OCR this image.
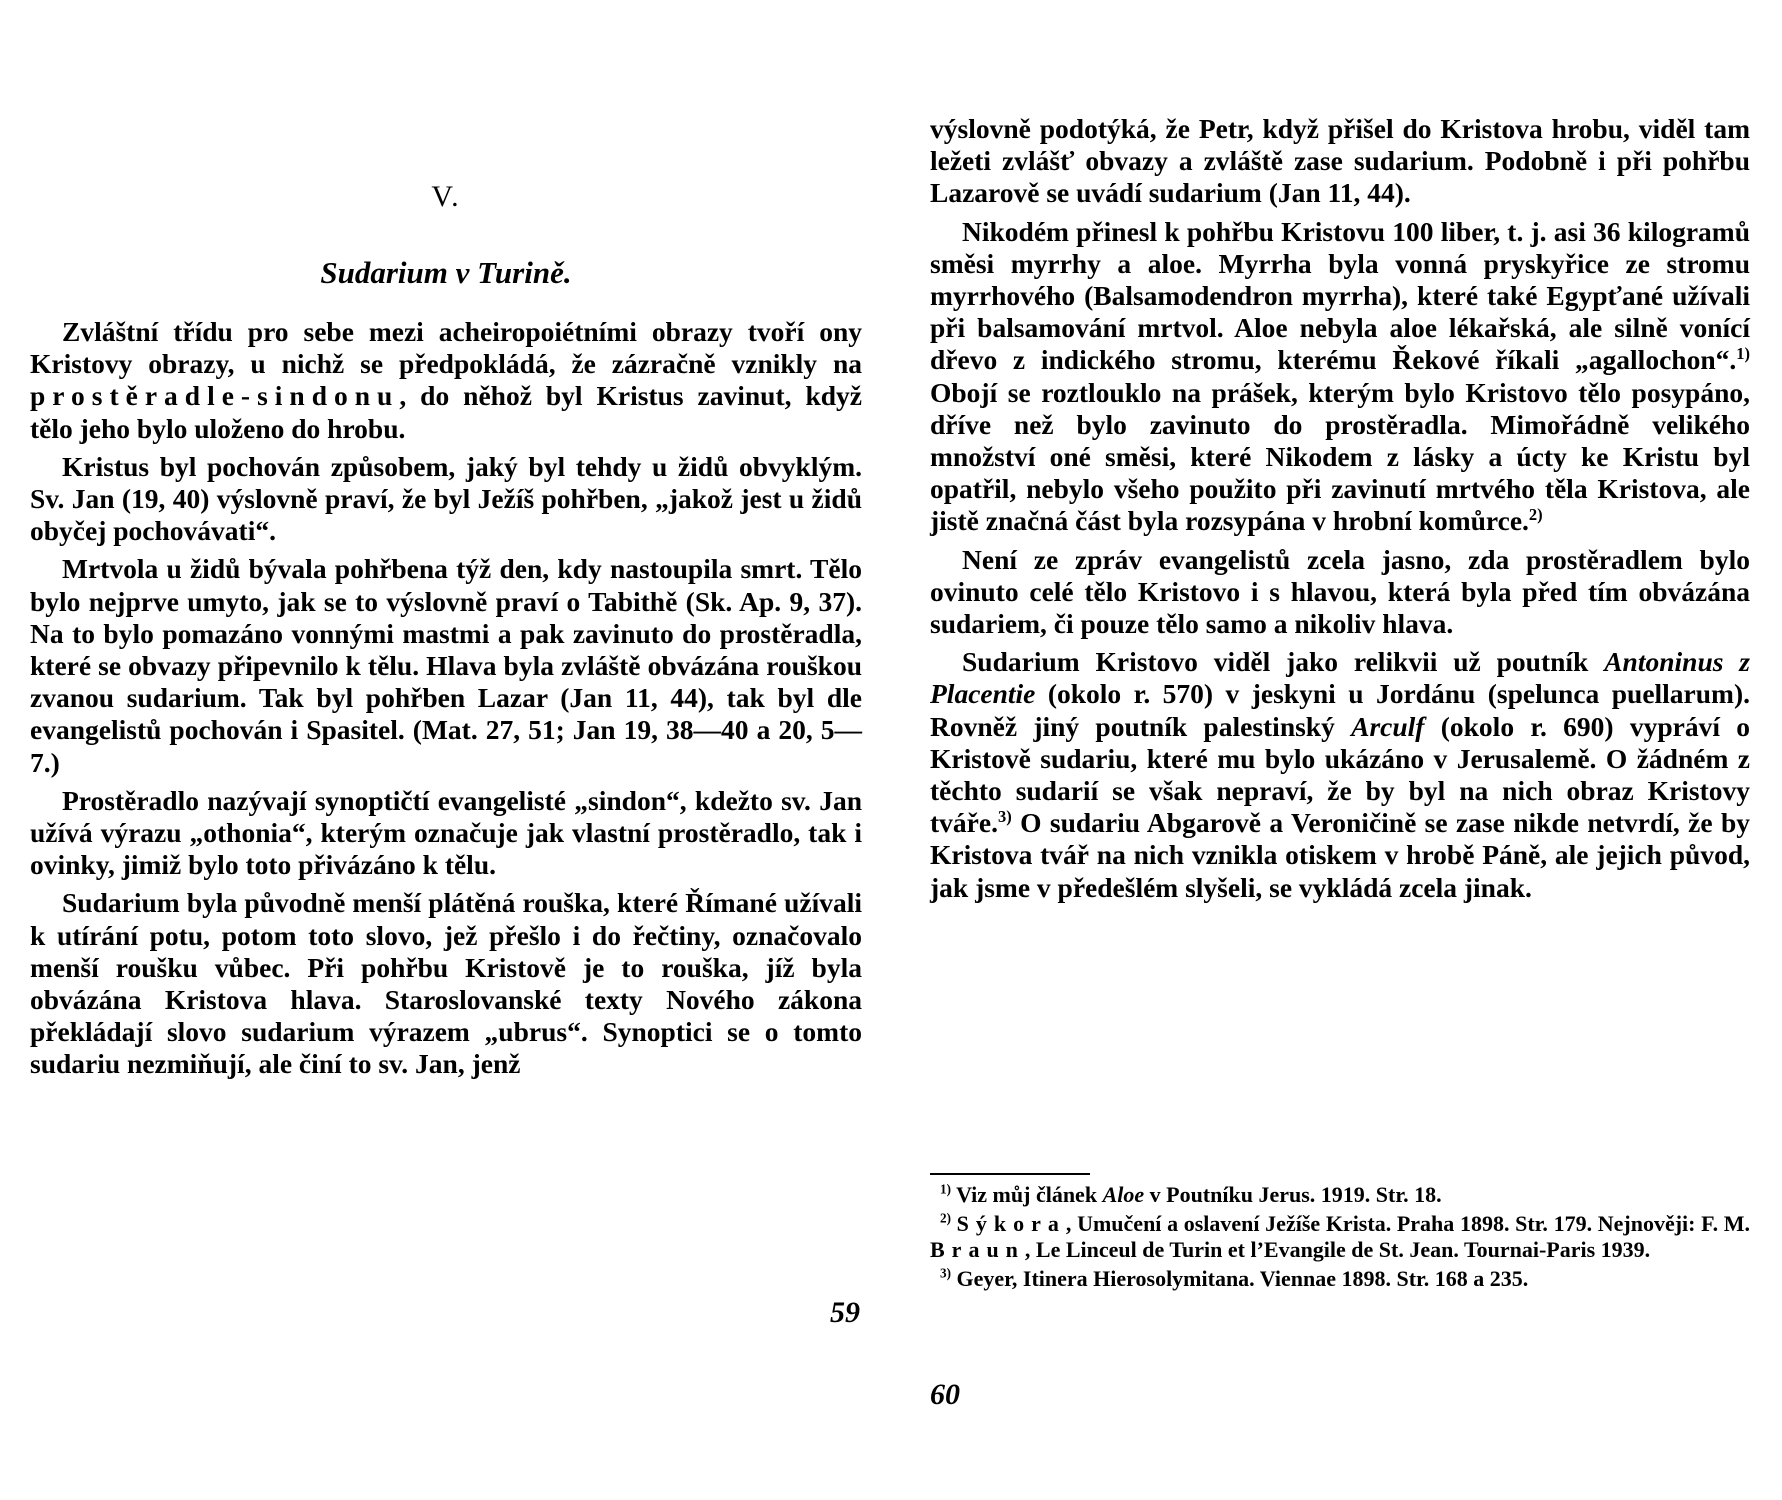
V.
Sudarium v Turině.

Zvláštní třídu pro sebe mezi acheiropoiétními obrazy tvoří ony Kristovy obrazy, u nichž se předpokládá, že zázračně vznikly na prostěradle-sindonu, do něhož byl Kristus zavinut, když tělo jeho bylo uloženo do hrobu.

Kristus byl pochován způsobem, jaký byl tehdy u židů obvyklým. Sv. Jan (19, 40) výslovně praví, že byl Ježíš pohřben, „jakož jest u židů obyčej pochovávati“.

Mrtvola u židů bývala pohřbena týž den, kdy nastoupila smrt. Tělo bylo nejprve umyto, jak se to výslovně praví o Tabithě (Sk. Ap. 9, 37). Na to bylo pomazáno vonnými mastmi a pak zavinuto do prostěradla, které se obvazy připevnilo k tělu. Hlava byla zvláště obvázána rouškou zvanou sudarium. Tak byl pohřben Lazar (Jan 11, 44), tak byl dle evangelistů pochován i Spasitel. (Mat. 27, 51; Jan 19, 38—40 a 20, 5—7.)

Prostěradlo nazývají synoptičtí evangelisté „sindon“, kdežto sv. Jan užívá výrazu „othonia“, kterým označuje jak vlastní prostěradlo, tak i ovinky, jimiž bylo toto přivázáno k tělu.

Sudarium byla původně menší plátěná rouška, které Římané užívali k utírání potu, potom toto slovo, jež přešlo i do řečtiny, označovalo menší roušku vůbec. Při pohřbu Kristově je to rouška, jíž byla obvázána Kristova hlava. Staroslovanské texty Nového zákona překládají slovo sudarium výrazem „ubrus“. Synoptici se o tomto sudariu nezmiňují, ale činí to sv. Jan, jenž

59

výslovně podotýká, že Petr, když přišel do Kristova hrobu, viděl tam ležeti zvlášť obvazy a zvláště zase sudarium. Podobně i při pohřbu Lazarově se uvádí sudarium (Jan 11, 44).

Nikodém přinesl k pohřbu Kristovu 100 liber, t. j. asi 36 kilogramů směsi myrrhy a aloe. Myrrha byla vonná pryskyřice ze stromu myrrhového (Balsamodendron myrrha), které také Egypťané užívali při balsamování mrtvol. Aloe nebyla aloe lékařská, ale silně vonící dřevo z indického stromu, kterému Řekové říkali „agallochon“.$^{1)}$ Obojí se roztlouklo na prášek, kterým bylo Kristovo tělo posypáno, dříve než bylo zavinuto do prostěradla. Mimořádně velikého množství oné směsi, které Nikodem z lásky a úcty ke Kristu byl opatřil, nebylo všeho použito při zavinutí mrtvého těla Kristova, ale jistě značná část byla rozsypána v hrobní komůrce.$^{2)}$

Není ze zpráv evangelistů zcela jasno, zda prostěradlem bylo ovinuto celé tělo Kristovo i s hlavou, která byla před tím obvázána sudariem, či pouze tělo samo a nikoliv hlava.

Sudarium Kristovo viděl jako relikvii už poutník Antoninus z Placentie (okolo r. 570) v jeskyni u Jordánu (spelunca puellarum). Rovněž jiný poutník palestinský Arculf (okolo r. 690) vypráví o Kristově sudariu, které mu bylo ukázáno v Jerusalemě. O žádném z těchto sudarií se však nepraví, že by byl na nich obraz Kristovy tváře.$^{3)}$ O sudariu Abgarově a Veroničině se zase nikde netvrdí, že by Kristova tvář na nich vznikla otiskem v hrobě Páně, ale jejich původ, jak jsme v předešlém slyšeli, se vykládá zcela jinak.

$^{1)}$ Viz můj článek Aloe v Poutníku Jerus. 1919. Str. 18.

$^{2)}$ Sýkora, Umučení a oslavení Ježíše Krista. Praha 1898. Str. 179. Nejnověji: F. M. Braun, Le Linceul de Turin et l’Evangile de St. Jean. Tournai-Paris 1939.

$^{3)}$ Geyer, Itinera Hierosolymitana. Viennae 1898. Str. 168 a 235.

60
